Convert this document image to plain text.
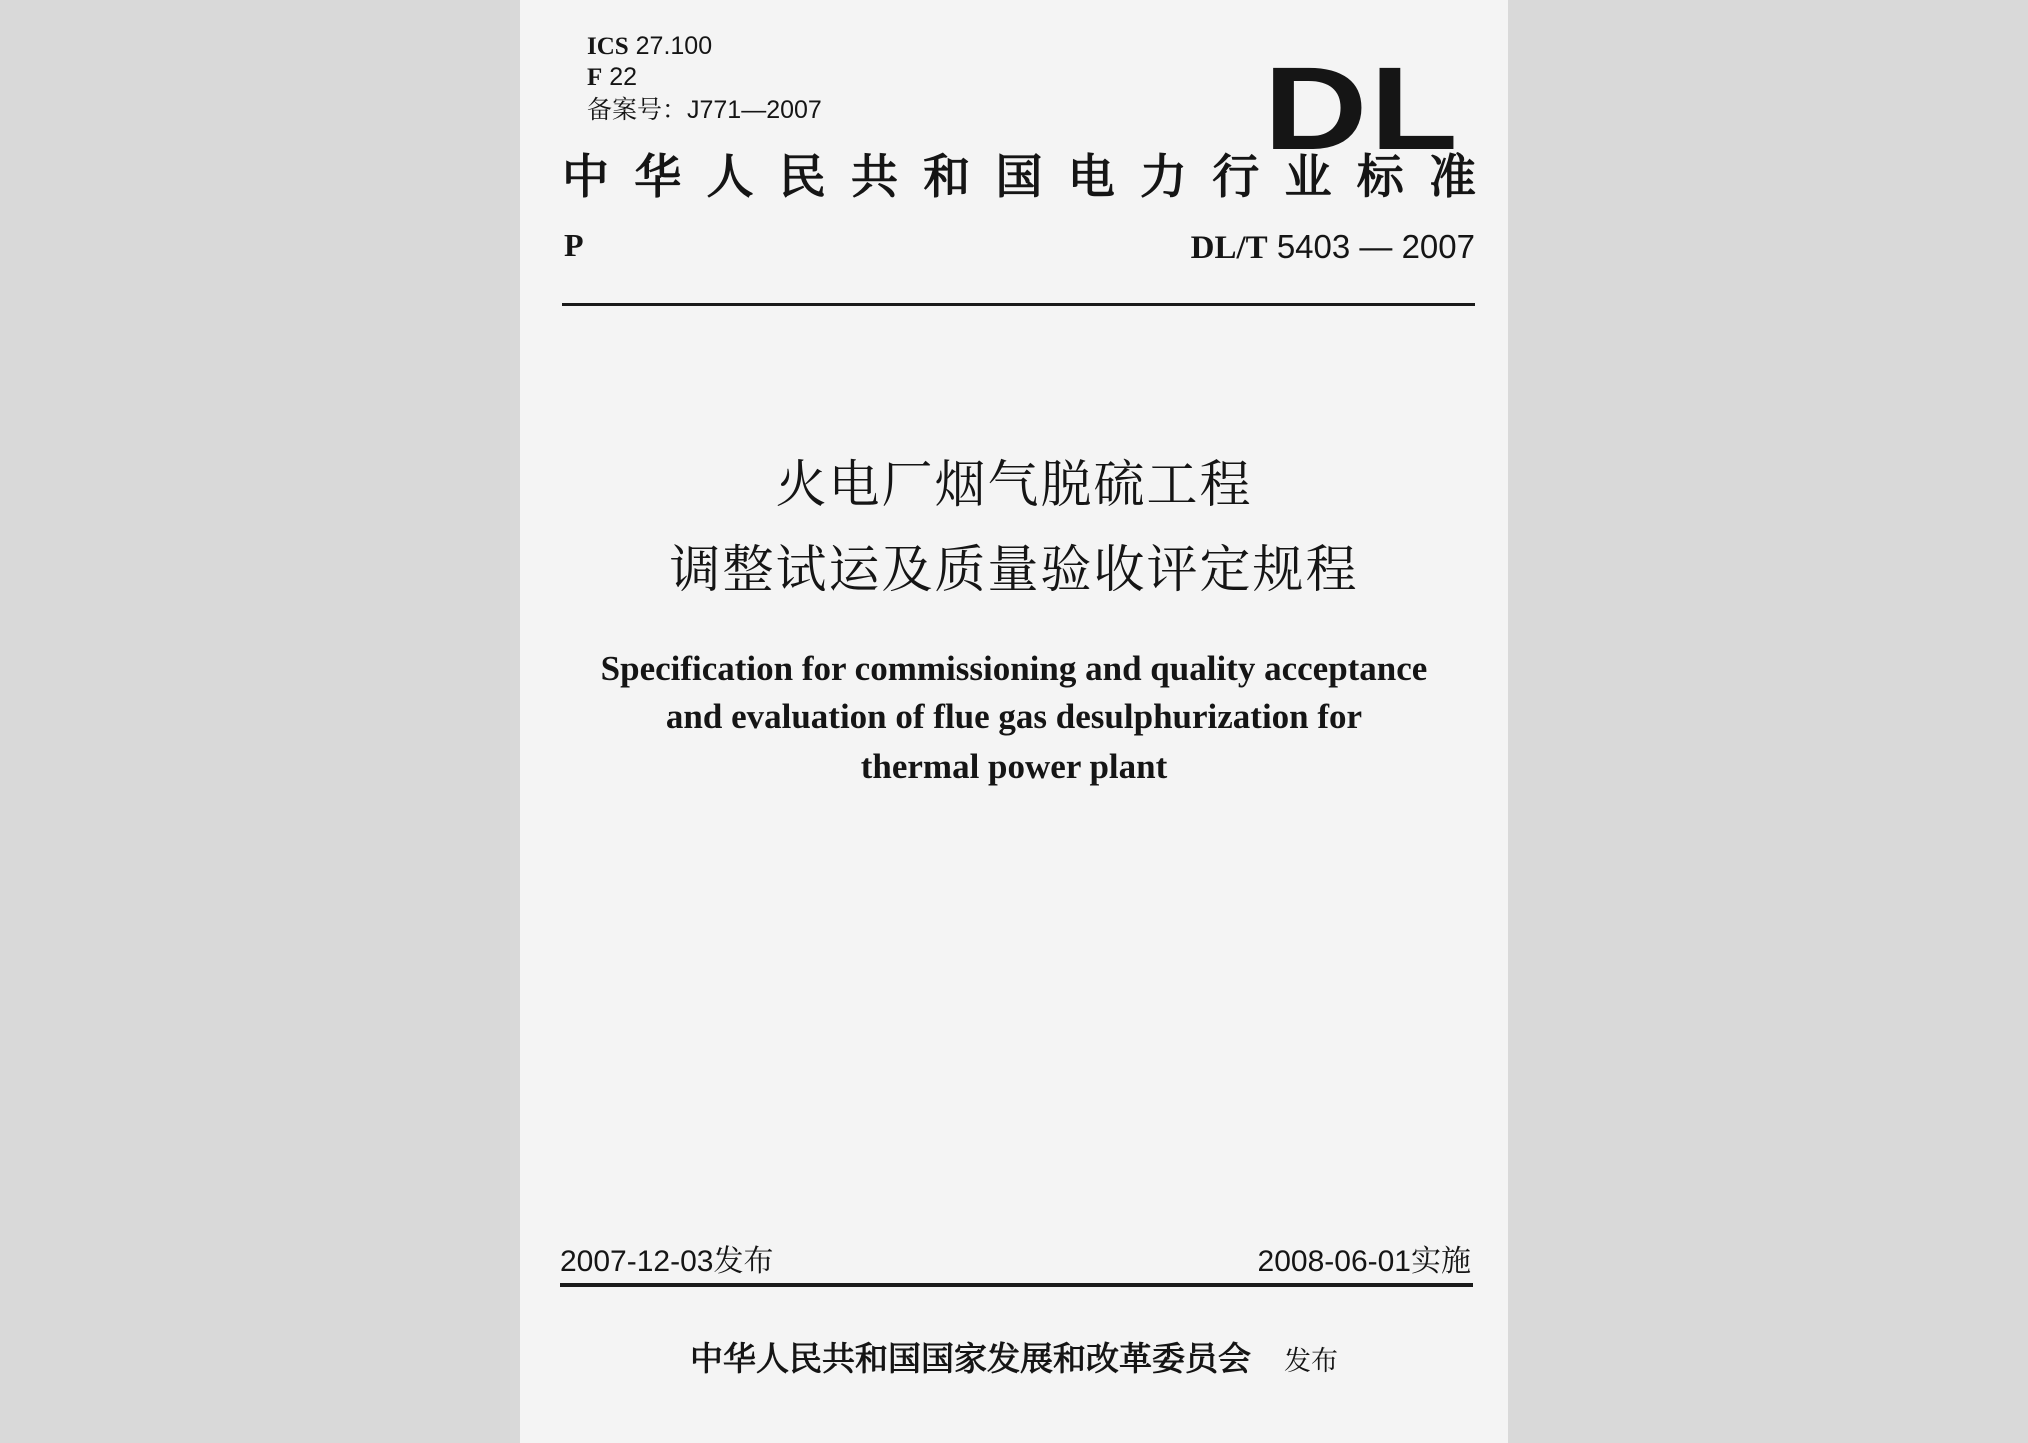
ICS 27.100
F 22
备案号：J771—2007	DL
中华人民共和国电力行业标准
P	DL/T 5403 — 2007
火电厂烟气脱硫工程
调整试运及质量验收评定规程
Specification for commissioning and quality acceptance
and evaluation of flue gas desulphurization for
thermal power plant
2007-12-03发布	2008-06-01实施
中华人民共和国国家发展和改革委员会 发布
